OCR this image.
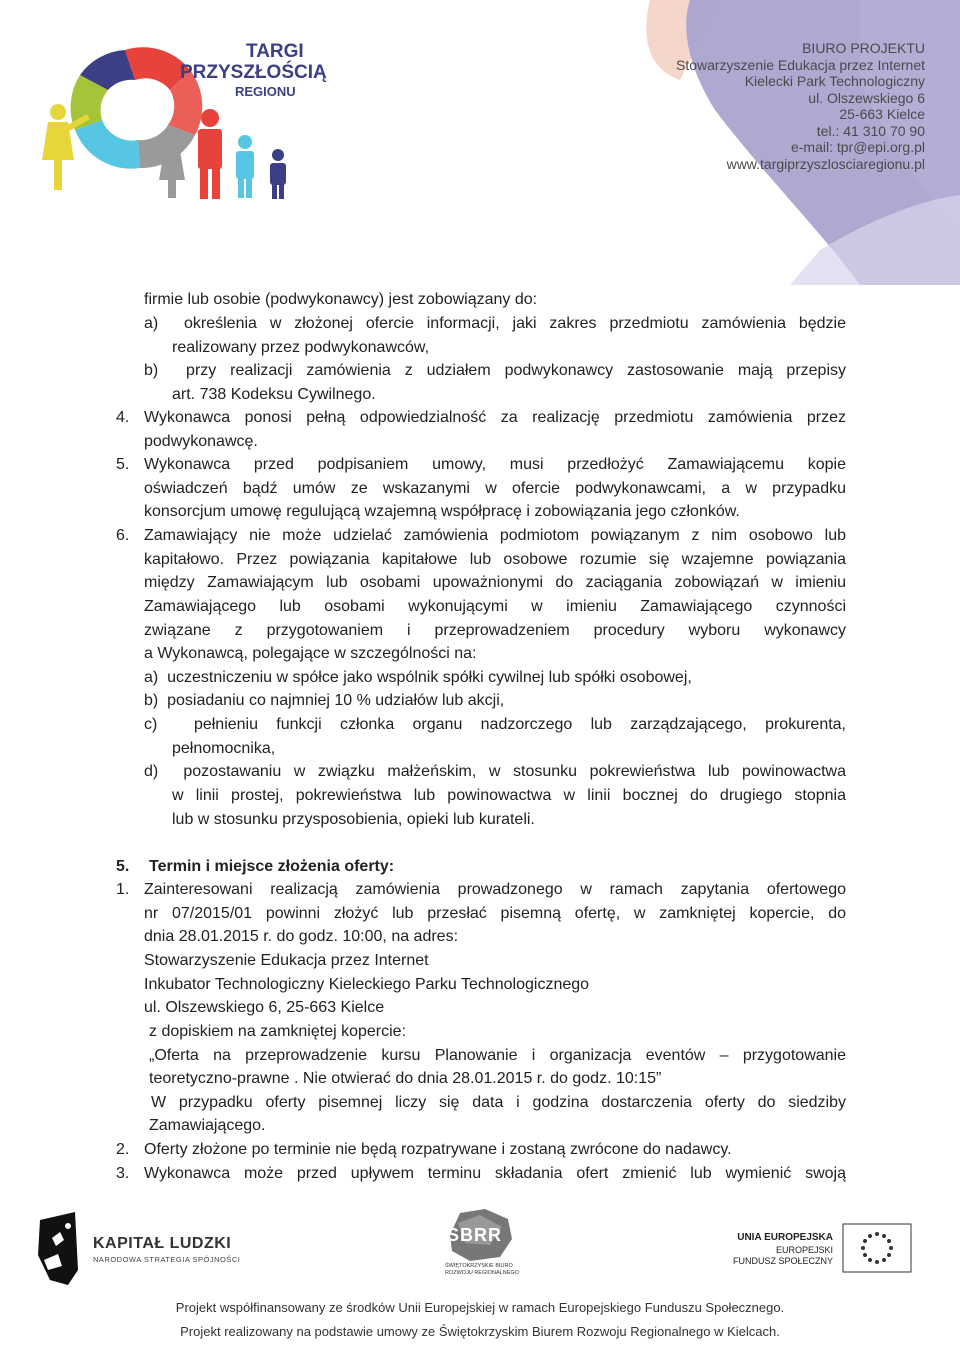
TARGI
PRZYSZŁOŚCIĄ
REGIONU
BIURO PROJEKTU
Stowarzyszenie Edukacja przez Internet
Kielecki Park Technologiczny
ul. Olszewskiego 6
25-663 Kielce
tel.: 41 310 70 90
e-mail: tpr@epi.org.pl
www.targiprzyszlosciaregionu.pl
firmie lub osobie (podwykonawcy) jest zobowiązany do:
a)  określenia w złożonej ofercie informacji, jaki zakres przedmiotu zamówienia będzie
realizowany przez podwykonawców,
b)  przy realizacji zamówienia z udziałem podwykonawcy zastosowanie mają przepisy
art. 738 Kodeksu Cywilnego.
4. Wykonawca ponosi pełną odpowiedzialność za realizację przedmiotu zamówienia przez
podwykonawcę.
5. Wykonawca przed podpisaniem umowy, musi przedłożyć Zamawiającemu kopie
oświadczeń bądź umów ze wskazanymi w ofercie podwykonawcami, a w przypadku
konsorcjum umowę regulującą wzajemną współpracę i zobowiązania jego członków.
6. Zamawiający nie może udzielać zamówienia podmiotom powiązanym z nim osobowo lub
kapitałowo. Przez powiązania kapitałowe lub osobowe rozumie się wzajemne powiązania
między Zamawiającym lub osobami upoważnionymi do zaciągania zobowiązań w imieniu
Zamawiającego lub osobami wykonującymi w imieniu Zamawiającego czynności
związane z przygotowaniem i przeprowadzeniem procedury wyboru wykonawcy
a Wykonawcą, polegające w szczególności na:
a)  uczestniczeniu w spółce jako wspólnik spółki cywilnej lub spółki osobowej,
b)  posiadaniu co najmniej 10 % udziałów lub akcji,
c)  pełnieniu funkcji członka organu nadzorczego lub zarządzającego, prokurenta,
pełnomocnika,
d)  pozostawaniu w związku małżeńskim, w stosunku pokrewieństwa lub powinowactwa
w linii prostej, pokrewieństwa lub powinowactwa w linii bocznej do drugiego stopnia
lub w stosunku przysposobienia, opieki lub kurateli.
5. Termin i miejsce złożenia oferty:
1. Zainteresowani realizacją zamówienia prowadzonego w ramach zapytania ofertowego
nr 07/2015/01 powinni złożyć lub przesłać pisemną ofertę, w zamkniętej kopercie, do
dnia 28.01.2015 r. do godz. 10:00, na adres:
Stowarzyszenie Edukacja przez Internet
Inkubator Technologiczny Kieleckiego Parku Technologicznego
ul. Olszewskiego 6, 25-663 Kielce
z dopiskiem na zamkniętej kopercie:
„Oferta na przeprowadzenie kursu Planowanie i organizacja eventów – przygotowanie
teoretyczno-prawne . Nie otwierać do dnia 28.01.2015 r. do godz. 10:15”
W przypadku oferty pisemnej liczy się data i godzina dostarczenia oferty do siedziby
Zamawiającego.
2. Oferty złożone po terminie nie będą rozpatrywane i zostaną zwrócone do nadawcy.
3. Wykonawca może przed upływem terminu składania ofert zmienić lub wymienić swoją
KAPITAŁ LUDZKI
NARODOWA STRATEGIA SPÓJNOŚCI
SBRR
ŚWIĘTOKRZYSKIE BIURO
ROZWOJU REGIONALNEGO
UNIA EUROPEJSKA
EUROPEJSKI
FUNDUSZ SPOŁECZNY
Projekt współfinansowany ze środków Unii Europejskiej w ramach Europejskiego Funduszu Społecznego.
Projekt realizowany na podstawie umowy ze Świętokrzyskim Biurem Rozwoju Regionalnego w Kielcach.
